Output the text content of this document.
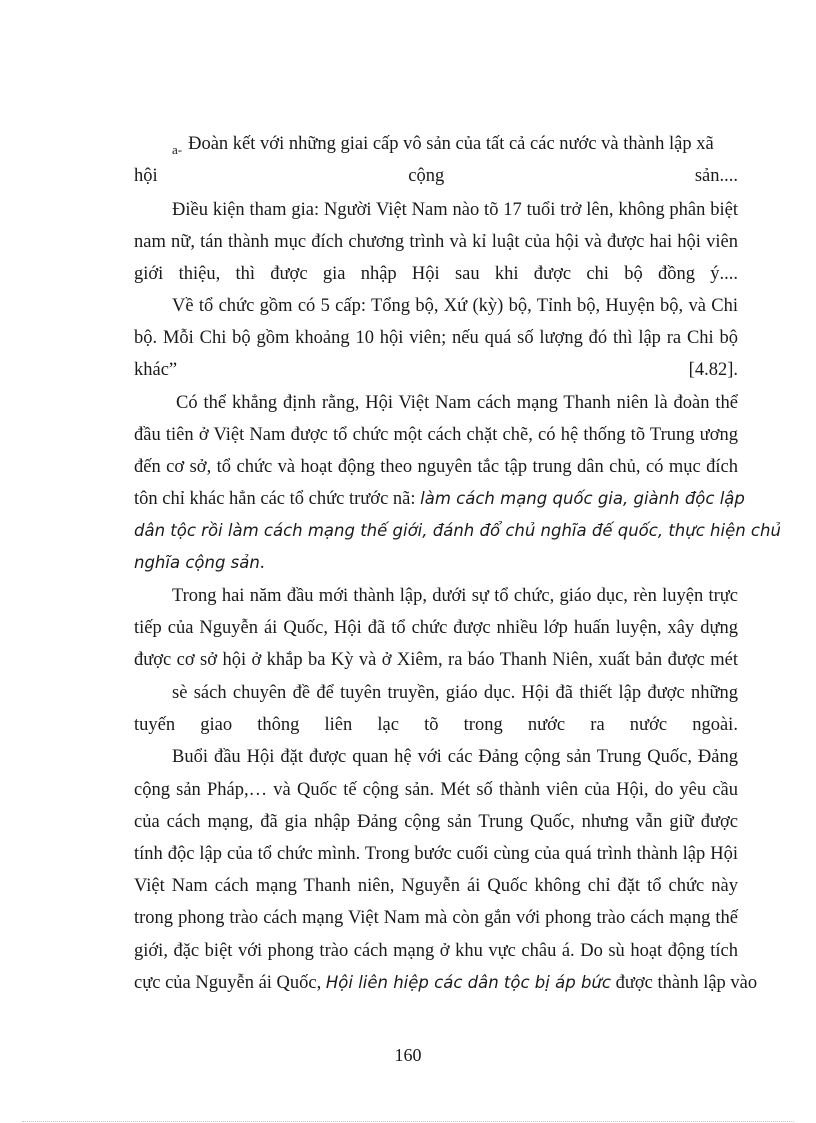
$_{a-}$ Đoàn kết với những giai cấp vô sản của tất cả các nước và thành lập xã
hội	cộng	sản....
Điều kiện tham gia: Người Việt Nam nào tõ 17 tuổi trở lên, không phân biệt
nam nữ, tán thành mục đích chương trình và kỉ luật của hội và được hai hội viên
giới thiệu, thì được gia nhập Hội sau khi được chi bộ đồng ý....
Về tổ chức gồm có 5 cấp: Tổng bộ, Xứ (kỳ) bộ, Tỉnh bộ, Huyện bộ, và Chi
bộ. Mỗi Chi bộ gồm khoảng 10 hội viên; nếu quá số lượng đó thì lập ra Chi bộ
khác”	[4.82].
Có thể khẳng định rằng, Hội Việt Nam cách mạng Thanh niên là đoàn thể
đầu tiên ở Việt Nam được tổ chức một cách chặt chẽ, có hệ thống tõ Trung ương
đến cơ sở, tổ chức và hoạt động theo nguyên tắc tập trung dân chủ, có mục đích
tôn chỉ khác hẳn các tổ chức trước nã: làm cách mạng quốc gia, giành độc lập
dân tộc rồi làm cách mạng thế giới, đánh đổ chủ nghĩa đế quốc, thực hiện chủ
nghĩa cộng sản.
Trong hai năm đầu mới thành lập, dưới sự tổ chức, giáo dục, rèn luyện trực
tiếp của Nguyễn ái Quốc, Hội đã tổ chức được nhiều lớp huấn luyện, xây dựng
được cơ sở hội ở khắp ba Kỳ và ở Xiêm, ra báo Thanh Niên, xuất bản được mét
sè sách chuyên đề để tuyên truyền, giáo dục. Hội đã thiết lập được những
tuyến giao thông liên lạc tõ trong nước ra nước ngoài.
Buổi đầu Hội đặt được quan hệ với các Đảng cộng sản Trung Quốc, Đảng
cộng sản Pháp,… và Quốc tế cộng sản. Mét số thành viên của Hội, do yêu cầu
của cách mạng, đã gia nhập Đảng cộng sản Trung Quốc, nhưng vẫn giữ được
tính độc lập của tổ chức mình. Trong bước cuối cùng của quá trình thành lập Hội
Việt Nam cách mạng Thanh niên, Nguyễn ái Quốc không chỉ đặt tổ chức này
trong phong trào cách mạng Việt Nam mà còn gắn với phong trào cách mạng thế
giới, đặc biệt với phong trào cách mạng ở khu vực châu á. Do sù hoạt động tích
cực của Nguyễn ái Quốc, Hội liên hiệp các dân tộc bị áp bức được thành lập vào
160
